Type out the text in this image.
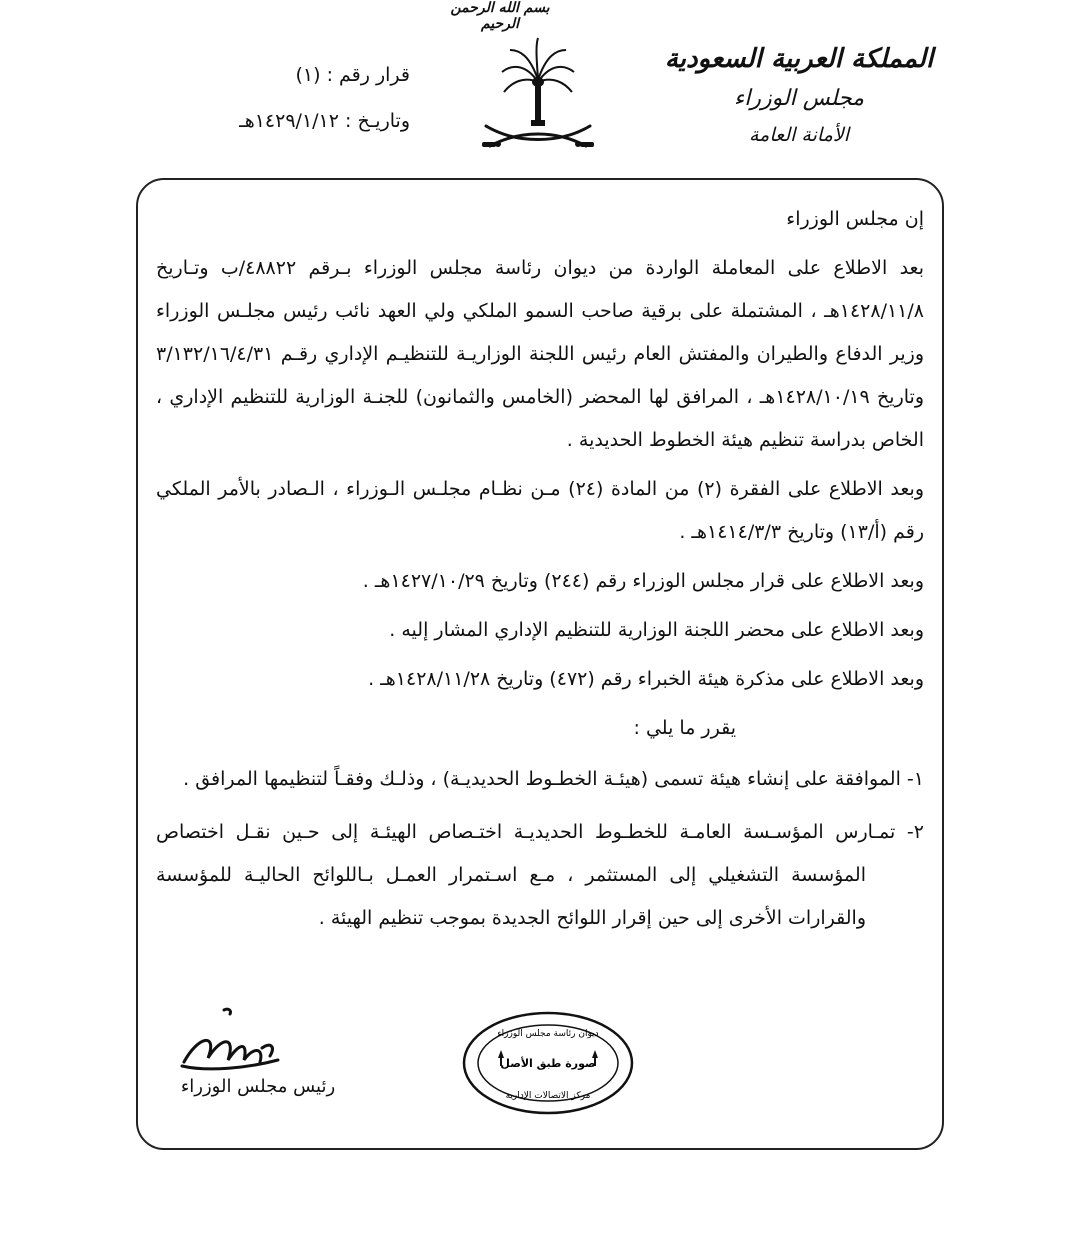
بسم الله الرحمن الرحيم
المملكة العربية السعودية
مجلس الوزراء
الأمانة العامة
قرار رقم : (١)
وتاريـخ : ١٤٢٩/١/١٢هـ

إن مجلس الوزراء

بعد الاطلاع على المعاملة الواردة من ديوان رئاسة مجلس الوزراء بـرقم ٤٨٨٢٢/ب وتـاريخ ١٤٢٨/١١/٨هـ ، المشتملة على برقية صاحب السمو الملكي ولي العهد نائب رئيس مجلـس الوزراء وزير الدفاع والطيران والمفتش العام رئيس اللجنة الوزاريـة للتنظيـم الإداري رقـم ٣/١٣٢/١٦/٤/٣١ وتاريخ ١٤٢٨/١٠/١٩هـ ، المرافق لها المحضر (الخامس والثمانون) للجنـة الوزارية للتنظيم الإداري ، الخاص بدراسة تنظيم هيئة الخطوط الحديدية .

وبعد الاطلاع على الفقرة (٢) من المادة (٢٤) مـن نظـام مجلـس الـوزراء ، الـصادر بالأمر الملكي رقم (أ/١٣) وتاريخ ١٤١٤/٣/٣هـ .

وبعد الاطلاع على قرار مجلس الوزراء رقم (٢٤٤) وتاريخ ١٤٢٧/١٠/٢٩هـ .

وبعد الاطلاع على محضر اللجنة الوزارية للتنظيم الإداري المشار إليه .

وبعد الاطلاع على مذكرة هيئة الخبراء رقم (٤٧٢) وتاريخ ١٤٢٨/١١/٢٨هـ .

يقرر ما يلي :

١- الموافقة على إنشاء هيئة تسمى (هيئـة الخطـوط الحديديـة) ، وذلـك وفقـاً لتنظيمها المرافق .

٢- تمـارس المؤسـسة العامـة للخطـوط الحديديـة اختـصاص الهيئـة إلى حـين نقـل اختصاص المؤسسة التشغيلي إلى المستثمر ، مـع اسـتمرار العمـل بـاللوائح الحاليـة للمؤسسة والقرارات الأخرى إلى حين إقرار اللوائح الجديدة بموجب تنظيم الهيئة .

رئيس مجلس الوزراء
ديوان رئاسة مجلس الوزراء
صورة طبق الأصل
مركز الاتصالات الإدارية
